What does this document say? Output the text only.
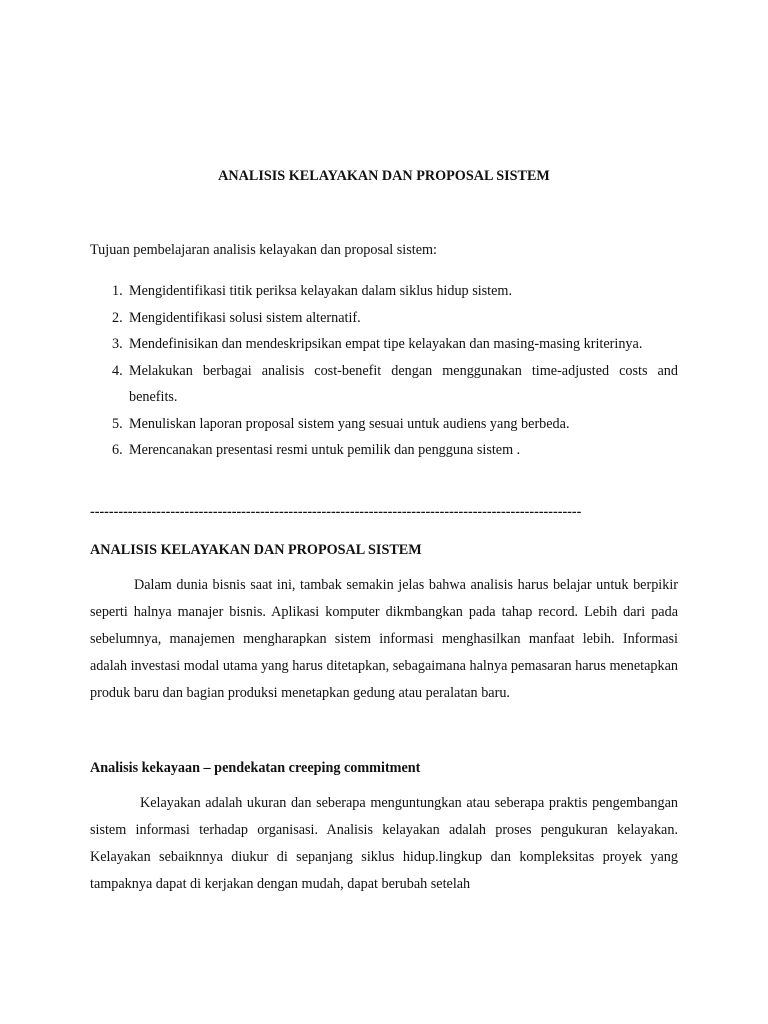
ANALISIS KELAYAKAN DAN PROPOSAL SISTEM
Tujuan pembelajaran analisis kelayakan dan proposal sistem:
1. Mengidentifikasi titik periksa kelayakan dalam siklus hidup sistem.
2. Mengidentifikasi solusi sistem alternatif.
3. Mendefinisikan dan mendeskripsikan empat tipe kelayakan dan masing-masing kriterinya.
4. Melakukan berbagai analisis cost-benefit dengan menggunakan time-adjusted costs and benefits.
5. Menuliskan laporan proposal sistem yang sesuai untuk audiens yang berbeda.
6. Merencanakan presentasi resmi untuk pemilik dan pengguna sistem .
--------------------------------------------------------------------------------------------------------
ANALISIS KELAYAKAN DAN PROPOSAL SISTEM

Dalam dunia bisnis saat ini, tambak semakin jelas bahwa analisis harus belajar untuk berpikir seperti halnya manajer bisnis. Aplikasi komputer dikmbangkan pada tahap record. Lebih dari pada sebelumnya, manajemen mengharapkan sistem informasi menghasilkan manfaat lebih. Informasi adalah investasi modal utama yang harus ditetapkan, sebagaimana halnya pemasaran harus menetapkan produk baru dan bagian produksi menetapkan gedung atau peralatan baru.

Analisis kekayaan – pendekatan creeping commitment

Kelayakan adalah ukuran dan seberapa menguntungkan atau seberapa praktis pengembangan sistem informasi terhadap organisasi. Analisis kelayakan adalah proses pengukuran kelayakan. Kelayakan sebaiknnya diukur di sepanjang siklus hidup.lingkup dan kompleksitas proyek yang tampaknya dapat di kerjakan dengan mudah, dapat berubah setelah
